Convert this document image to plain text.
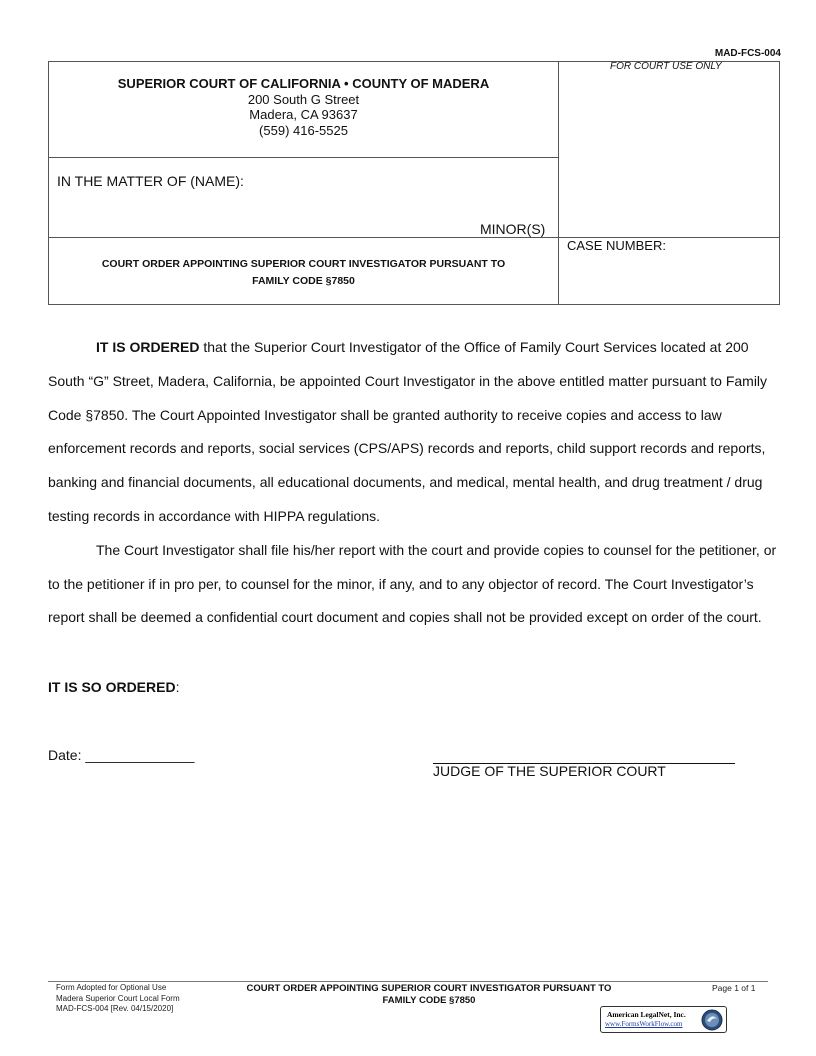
MAD-FCS-004
SUPERIOR COURT OF CALIFORNIA • COUNTY OF MADERA
200 South G Street
Madera, CA 93637
(559) 416-5525
FOR COURT USE ONLY
IN THE MATTER OF (NAME):
MINOR(S)
CASE NUMBER:
COURT ORDER APPOINTING SUPERIOR COURT INVESTIGATOR PURSUANT TO
FAMILY CODE §7850

IT IS ORDERED that the Superior Court Investigator of the Office of Family Court Services located at 200 South “G” Street, Madera, California, be appointed Court Investigator in the above entitled matter pursuant to Family Code §7850. The Court Appointed Investigator shall be granted authority to receive copies and access to law enforcement records and reports, social services (CPS/APS) records and reports, child support records and reports, banking and financial documents, all educational documents, and medical, mental health, and drug treatment / drug testing records in accordance with HIPPA regulations.

The Court Investigator shall file his/her report with the court and provide copies to counsel for the petitioner, or to the petitioner if in pro per, to counsel for the minor, if any, and to any objector of record. The Court Investigator’s report shall be deemed a confidential court document and copies shall not be provided except on order of the court.

IT IS SO ORDERED:
Date: ______________
JUDGE OF THE SUPERIOR COURT
Form Adopted for Optional Use
Madera Superior Court Local Form
MAD-FCS-004 [Rev. 04/15/2020]
COURT ORDER APPOINTING SUPERIOR COURT INVESTIGATOR PURSUANT TO
FAMILY CODE §7850
Page 1 of 1
American LegalNet, Inc.
www.FormsWorkFlow.com
